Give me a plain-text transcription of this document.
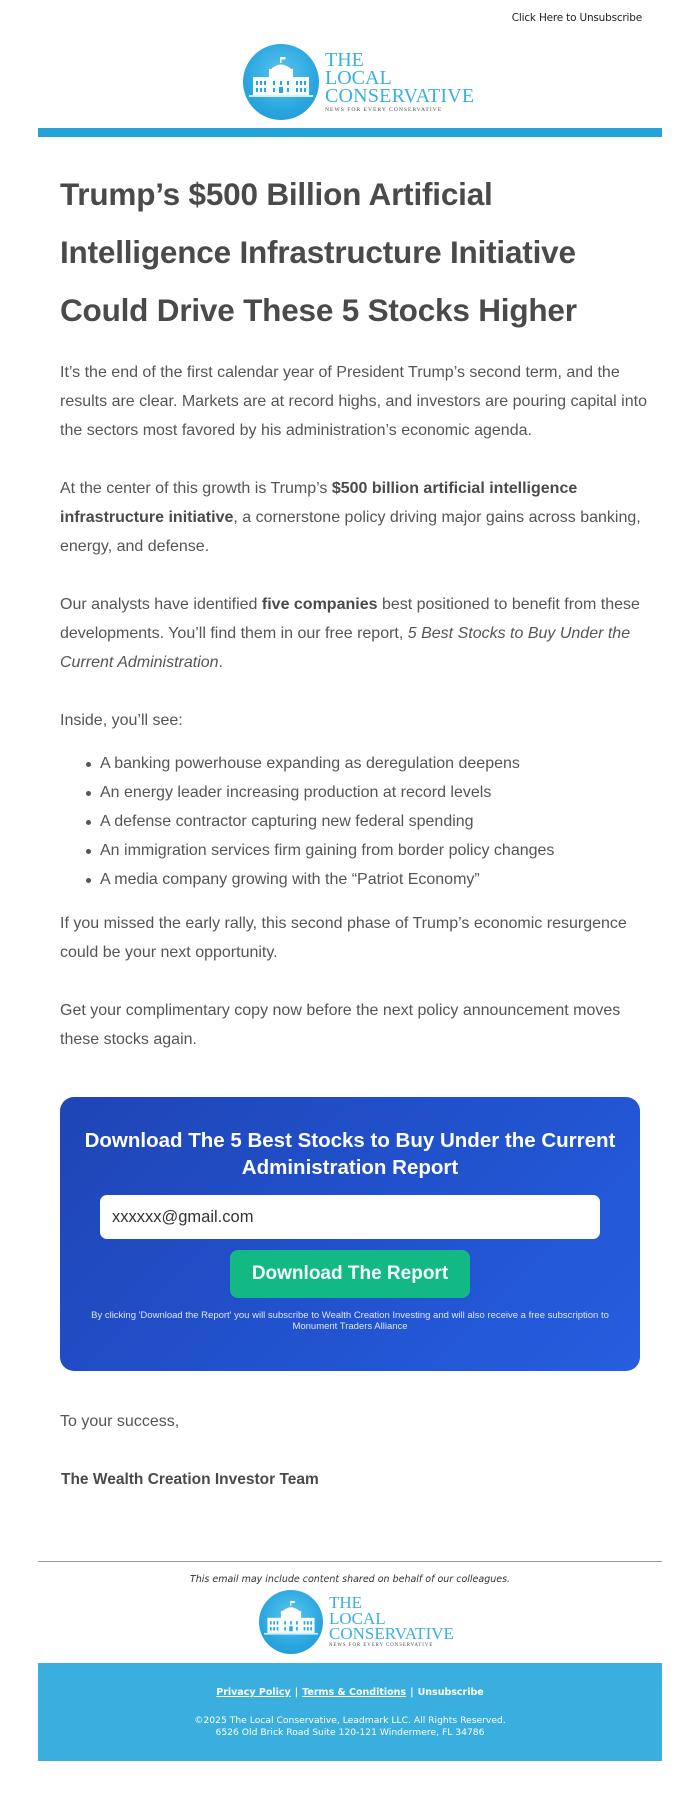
Click Here to Unsubscribe
THE
LOCAL
CONSERVATIVE
NEWS FOR EVERY CONSERVATIVE
Trump’s $500 Billion Artificial Intelligence Infrastructure Initiative Could Drive These 5 Stocks Higher

It’s the end of the first calendar year of President Trump’s second term, and the results are clear. Markets are at record highs, and investors are pouring capital into the sectors most favored by his administration’s economic agenda.

At the center of this growth is Trump’s $500 billion artificial intelligence infrastructure initiative, a cornerstone policy driving major gains across banking, energy, and defense.

Our analysts have identified five companies best positioned to benefit from these developments. You’ll find them in our free report, 5 Best Stocks to Buy Under the Current Administration.

Inside, you’ll see:

A banking powerhouse expanding as deregulation deepens
An energy leader increasing production at record levels
A defense contractor capturing new federal spending
An immigration services firm gaining from border policy changes
A media company growing with the “Patriot Economy”

If you missed the early rally, this second phase of Trump’s economic resurgence could be your next opportunity.

Get your complimentary copy now before the next policy announcement moves these stocks again.

Download The 5 Best Stocks to Buy Under the Current Administration Report
xxxxxx@gmail.com
Download The Report
By clicking 'Download the Report' you will subscribe to Wealth Creation Investing and will also receive a free subscription to Monument Traders Alliance
To your success,
The Wealth Creation Investor Team
This email may include content shared on behalf of our colleagues.
THE
LOCAL
CONSERVATIVE
NEWS FOR EVERY CONSERVATIVE
Privacy Policy | Terms & Conditions | Unsubscribe
©2025 The Local Conservative, Leadmark LLC. All Rights Reserved.
6526 Old Brick Road Suite 120-121 Windermere, FL 34786
